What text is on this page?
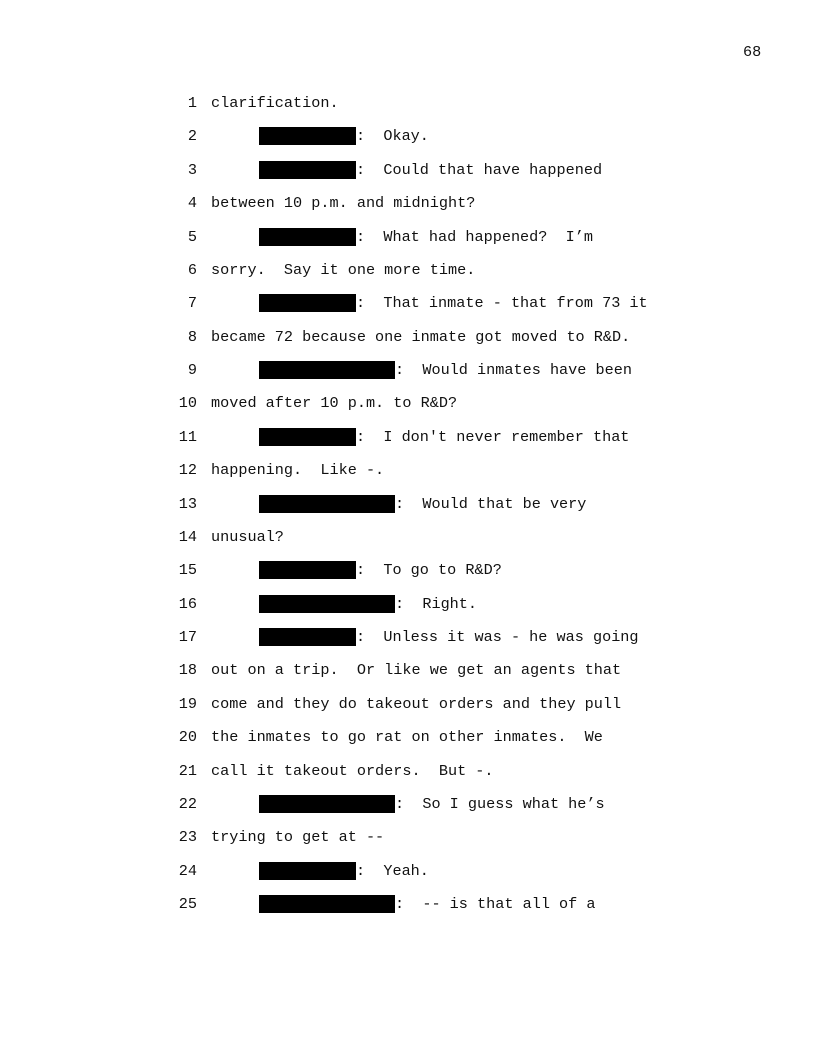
68
1 clarification.
2	:  Okay.
3	:  Could that have happened
4 between 10 p.m. and midnight?
5	:  What had happened?  I’m
6 sorry.  Say it one more time.
7	:  That inmate - that from 73 it
8 became 72 because one inmate got moved to R&D.
9	:  Would inmates have been
10 moved after 10 p.m. to R&D?
11	:  I don't never remember that
12 happening.  Like -.
13	:  Would that be very
14 unusual?
15	:  To go to R&D?
16	:  Right.
17	:  Unless it was - he was going
18 out on a trip.  Or like we get an agents that
19 come and they do takeout orders and they pull
20 the inmates to go rat on other inmates.  We
21 call it takeout orders.  But -.
22	:  So I guess what he’s
23 trying to get at --
24	:  Yeah.
25	:  -- is that all of a
